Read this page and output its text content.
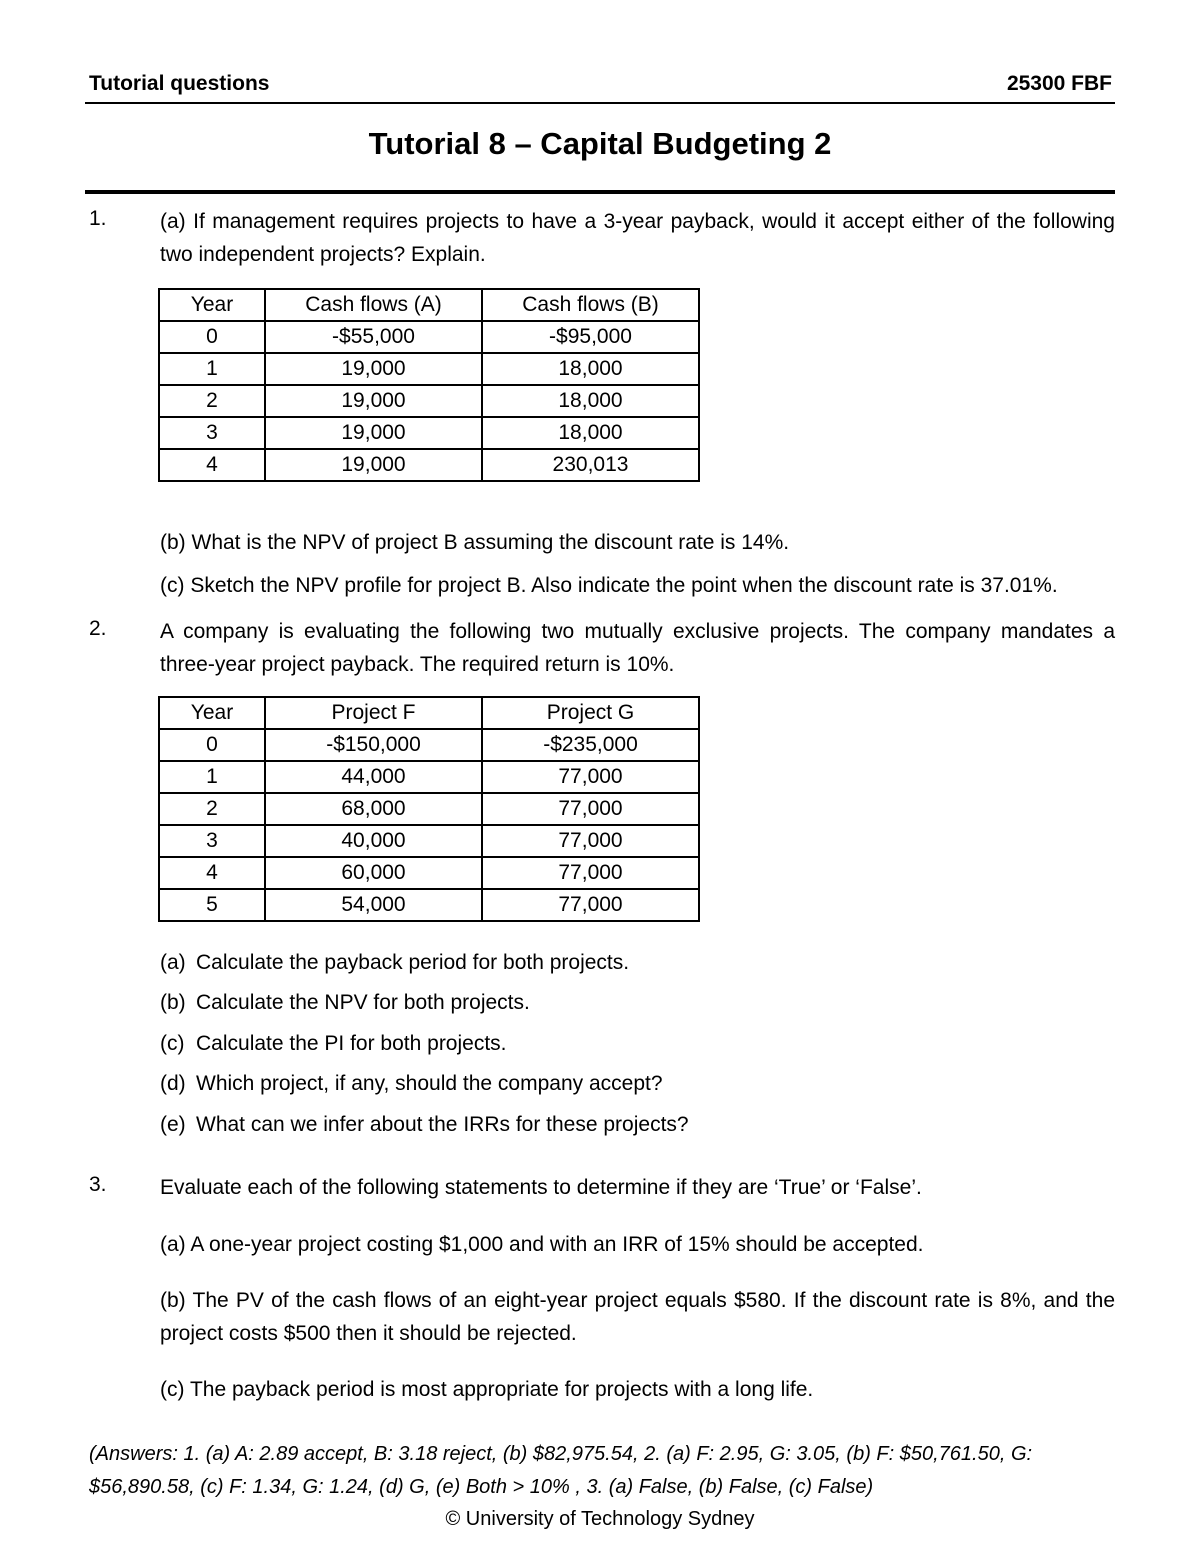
Tutorial questions	25300 FBF
Tutorial 8 – Capital Budgeting 2
1.	(a) If management requires projects to have a 3-year payback, would it accept either of the following two independent projects? Explain.
Year	Cash flows (A)	Cash flows (B)
0	-$55,000	-$95,000
1	19,000	18,000
2	19,000	18,000
3	19,000	18,000
4	19,000	230,013
(b) What is the NPV of project B assuming the discount rate is 14%.
(c) Sketch the NPV profile for project B. Also indicate the point when the discount rate is 37.01%.
2.	A company is evaluating the following two mutually exclusive projects. The company mandates a three-year project payback. The required return is 10%.
Year	Project F	Project G
0	-$150,000	-$235,000
1	44,000	77,000
2	68,000	77,000
3	40,000	77,000
4	60,000	77,000
5	54,000	77,000
(a) Calculate the payback period for both projects.
(b) Calculate the NPV for both projects.
(c) Calculate the PI for both projects.
(d) Which project, if any, should the company accept?
(e) What can we infer about the IRRs for these projects?
3.	Evaluate each of the following statements to determine if they are ‘True’ or ‘False’.
(a) A one-year project costing $1,000 and with an IRR of 15% should be accepted.
(b) The PV of the cash flows of an eight-year project equals $580. If the discount rate is 8%, and the project costs $500 then it should be rejected.
(c) The payback period is most appropriate for projects with a long life.
(Answers: 1. (a) A: 2.89 accept, B: 3.18 reject, (b) $82,975.54, 2. (a) F: 2.95, G: 3.05, (b) F: $50,761.50, G: $56,890.58, (c) F: 1.34, G: 1.24, (d) G, (e) Both > 10% , 3. (a) False, (b) False, (c) False)
© University of Technology Sydney
